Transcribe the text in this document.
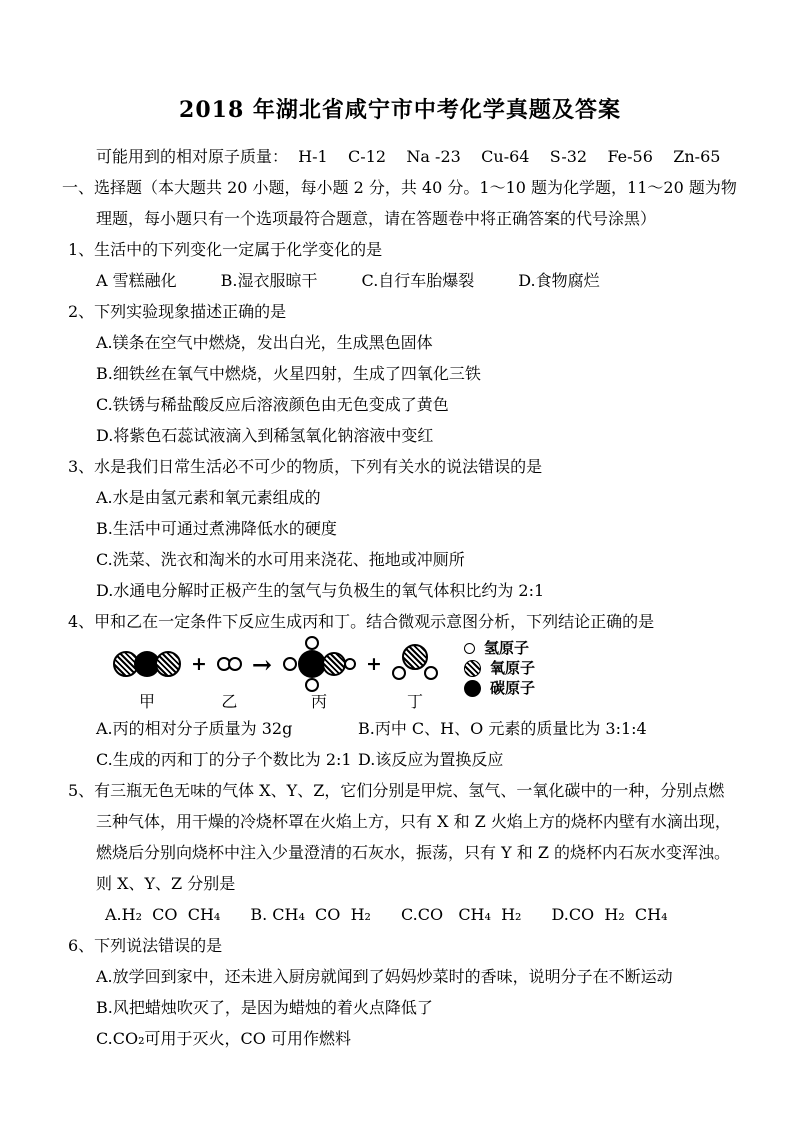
2018 年湖北省咸宁市中考化学真题及答案
可能用到的相对原子质量：  H-1    C-12    Na -23    Cu-64    S-32    Fe-56    Zn-65
一、选择题（本大题共 20 小题，每小题 2 分，共 40 分。1～10 题为化学题，11～20 题为物理题，每小题只有一个选项最符合题意，请在答题卷中将正确答案的代号涂黑）
1、生活中的下列变化一定属于化学变化的是
A 雪糕融化	B.湿衣服晾干	C.自行车胎爆裂	D.食物腐烂
2、下列实验现象描述正确的是
A.镁条在空气中燃烧，发出白光，生成黑色固体
B.细铁丝在氧气中燃烧，火星四射，生成了四氧化三铁
C.铁锈与稀盐酸反应后溶液颜色由无色变成了黄色
D.将紫色石蕊试液滴入到稀氢氧化钠溶液中变红
3、水是我们日常生活必不可少的物质，下列有关水的说法错误的是
A.水是由氢元素和氧元素组成的
B.生活中可通过煮沸降低水的硬度
C.洗菜、洗衣和淘米的水可用来浇花、拖地或冲厕所
D.水通电分解时正极产生的氢气与负极生的氧气体积比约为 2:1
4、甲和乙在一定条件下反应生成丙和丁。结合微观示意图分析，下列结论正确的是
甲
+
乙
→
丙
+
丁
氢原子
氧原子
碳原子
A.丙的相对分子质量为 32g	B.丙中 C、H、O 元素的质量比为 3:1:4
C.生成的丙和丁的分子个数比为 2:1 D.该反应为置换反应
5、有三瓶无色无味的气体 X、Y、Z，它们分别是甲烷、氢气、一氧化碳中的一种，分别点燃三种气体，用干燥的冷烧杯罩在火焰上方，只有 X 和 Z 火焰上方的烧杯内壁有水滴出现，燃烧后分别向烧杯中注入少量澄清的石灰水，振荡，只有 Y 和 Z 的烧杯内石灰水变浑浊。则 X、Y、Z 分别是
A.H₂  CO  CH₄ B. CH₄  CO  H₂ C.CO   CH₄  H₂ D.CO  H₂  CH₄
6、下列说法错误的是
A.放学回到家中，还未进入厨房就闻到了妈妈炒菜时的香味，说明分子在不断运动
B.风把蜡烛吹灭了，是因为蜡烛的着火点降低了
C.CO₂可用于灭火，CO 可用作燃料
